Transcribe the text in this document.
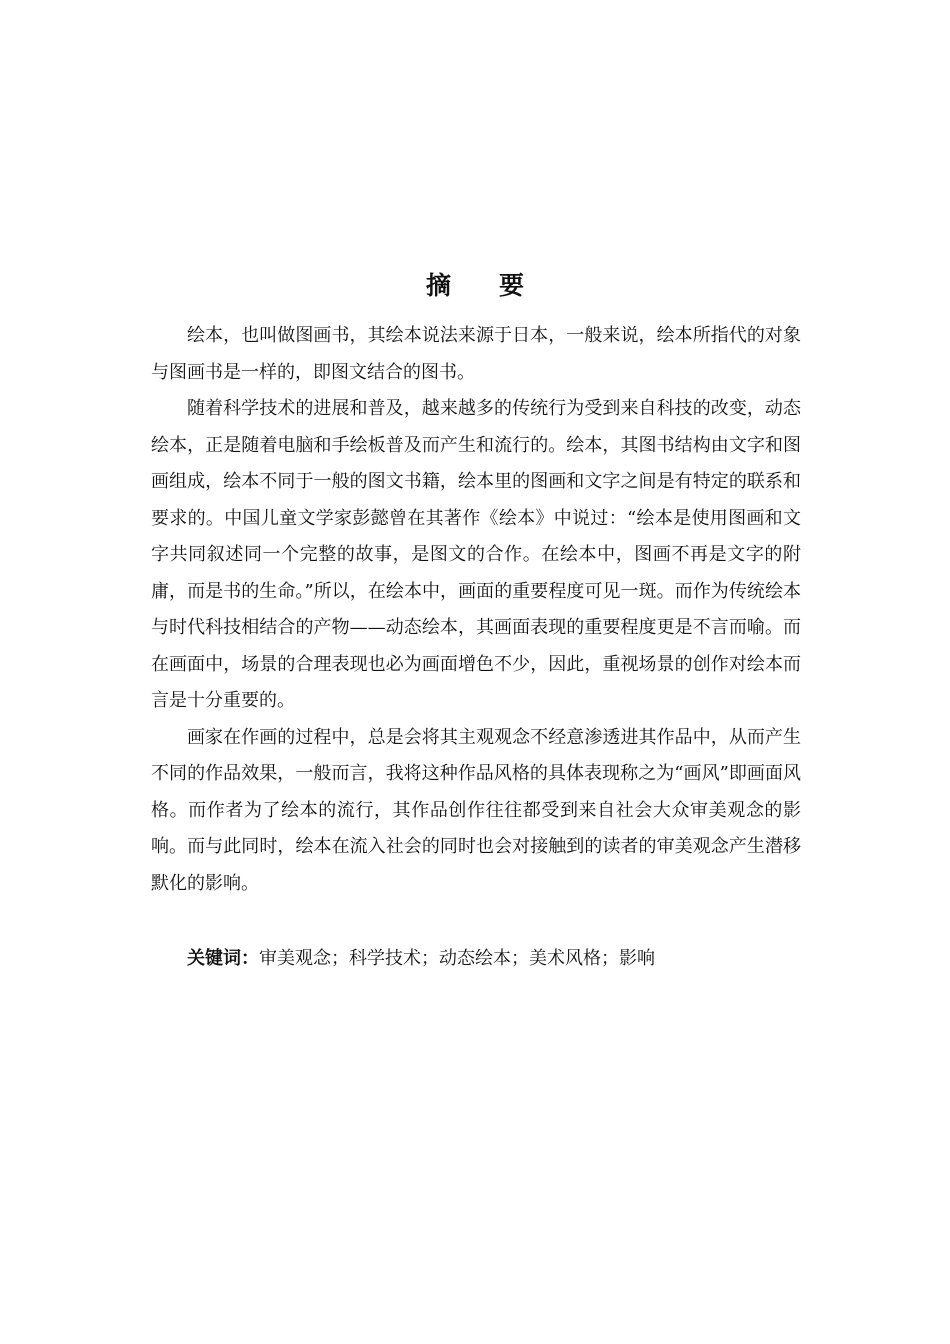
摘要

绘本，也叫做图画书，其绘本说法来源于日本，一般来说，绘本所指代的对象与图画书是一样的，即图文结合的图书。

随着科学技术的进展和普及，越来越多的传统行为受到来自科技的改变，动态绘本，正是随着电脑和手绘板普及而产生和流行的。绘本，其图书结构由文字和图画组成，绘本不同于一般的图文书籍，绘本里的图画和文字之间是有特定的联系和要求的。中国儿童文学家彭懿曾在其著作《绘本》中说过：“绘本是使用图画和文字共同叙述同一个完整的故事，是图文的合作。在绘本中，图画不再是文字的附庸，而是书的生命。”所以，在绘本中，画面的重要程度可见一斑。而作为传统绘本与时代科技相结合的产物——动态绘本，其画面表现的重要程度更是不言而喻。而在画面中，场景的合理表现也必为画面增色不少，因此，重视场景的创作对绘本而言是十分重要的。

画家在作画的过程中，总是会将其主观观念不经意渗透进其作品中，从而产生不同的作品效果，一般而言，我将这种作品风格的具体表现称之为“画风”即画面风格。而作者为了绘本的流行，其作品创作往往都受到来自社会大众审美观念的影响。而与此同时，绘本在流入社会的同时也会对接触到的读者的审美观念产生潜移默化的影响。

关键词：审美观念；科学技术；动态绘本；美术风格；影响
